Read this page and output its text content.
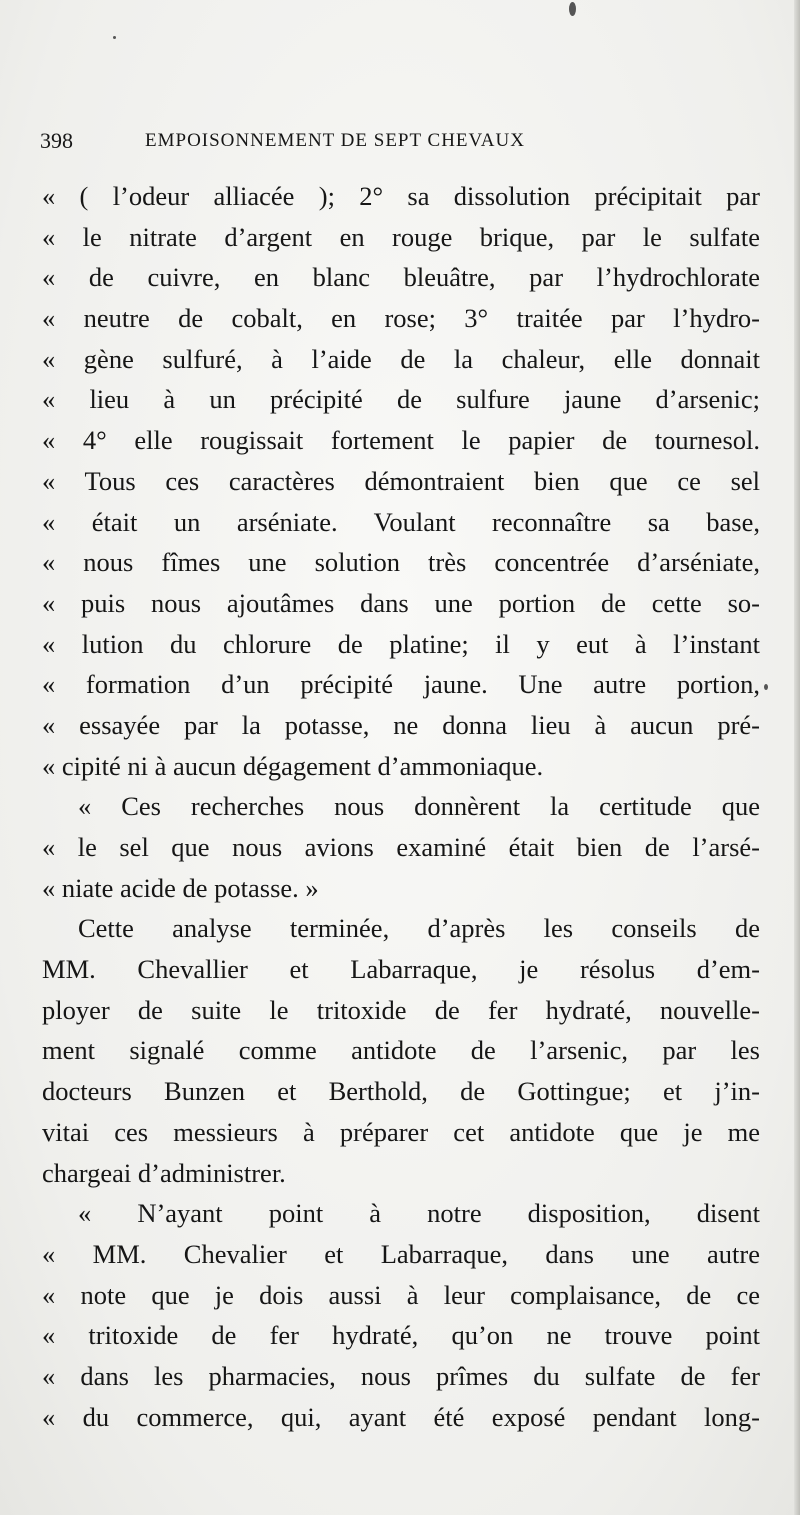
398	EMPOISONNEMENT DE SEPT CHEVAUX
« ( l’odeur alliacée ); 2° sa dissolution précipitait par
« le nitrate d’argent en rouge brique, par le sulfate
« de cuivre, en blanc bleuâtre, par l’hydrochlorate
« neutre de cobalt, en rose; 3° traitée par l’hydro-
« gène sulfuré, à l’aide de la chaleur, elle donnait
« lieu à un précipité de sulfure jaune d’arsenic;
« 4° elle rougissait fortement le papier de tournesol.
« Tous ces caractères démontraient bien que ce sel
« était un arséniate. Voulant reconnaître sa base,
« nous fîmes une solution très concentrée d’arséniate,
« puis nous ajoutâmes dans une portion de cette so-
« lution du chlorure de platine; il y eut à l’instant
« formation d’un précipité jaune. Une autre portion,
« essayée par la potasse, ne donna lieu à aucun pré-
« cipité ni à aucun dégagement d’ammoniaque.
« Ces recherches nous donnèrent la certitude que
« le sel que nous avions examiné était bien de l’arsé-
« niate acide de potasse. »
Cette analyse terminée, d’après les conseils de
MM. Chevallier et Labarraque, je résolus d’em-
ployer de suite le tritoxide de fer hydraté, nouvelle-
ment signalé comme antidote de l’arsenic, par les
docteurs Bunzen et Berthold, de Gottingue; et j’in-
vitai ces messieurs à préparer cet antidote que je me
chargeai d’administrer.
« N’ayant point à notre disposition, disent
« MM. Chevalier et Labarraque, dans une autre
« note que je dois aussi à leur complaisance, de ce
« tritoxide de fer hydraté, qu’on ne trouve point
« dans les pharmacies, nous prîmes du sulfate de fer
« du commerce, qui, ayant été exposé pendant long-
